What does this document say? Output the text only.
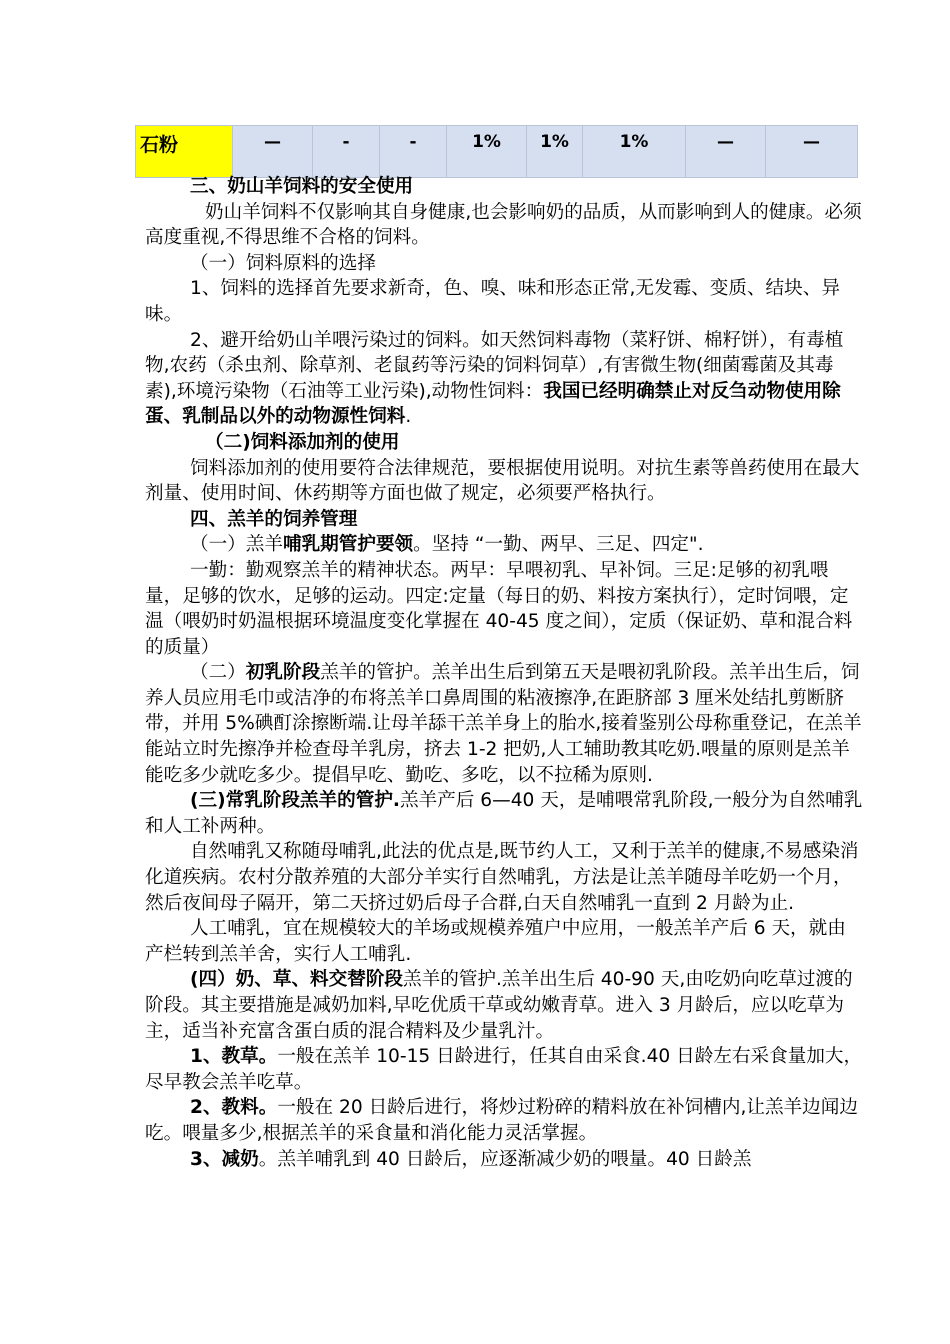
石粉	—	-	-	1%	1%	1%	—	—

三、奶山羊饲料的安全使用

奶山羊饲料不仅影响其自身健康,也会影响奶的品质，从而影响到人的健康。必须高度重视,不得思维不合格的饲料。

（一）饲料原料的选择

1、饲料的选择首先要求新奇，色、嗅、味和形态正常,无发霉、变质、结块、异味。

2、避开给奶山羊喂污染过的饲料。如天然饲料毒物（菜籽饼、棉籽饼），有毒植物,农药（杀虫剂、除草剂、老鼠药等污染的饲料饲草）,有害微生物(细菌霉菌及其毒素),环境污染物（石油等工业污染),动物性饲料：我国已经明确禁止对反刍动物使用除蛋、乳制品以外的动物源性饲料.

（二)饲料添加剂的使用

饲料添加剂的使用要符合法律规范，要根据使用说明。对抗生素等兽药使用在最大剂量、使用时间、休药期等方面也做了规定，必须要严格执行。

四、羔羊的饲养管理

（一）羔羊哺乳期管护要领。坚持 “一勤、两早、三足、四定".

一勤：勤观察羔羊的精神状态。两早：早喂初乳、早补饲。三足:足够的初乳喂量，足够的饮水，足够的运动。四定:定量（每日的奶、料按方案执行），定时饲喂，定温（喂奶时奶温根据环境温度变化掌握在 40-45 度之间），定质（保证奶、草和混合料的质量）

（二）初乳阶段羔羊的管护。羔羊出生后到第五天是喂初乳阶段。羔羊出生后，饲养人员应用毛巾或洁净的布将羔羊口鼻周围的粘液擦净,在距脐部 3 厘米处结扎剪断脐带，并用 5%碘酊涂擦断端.让母羊舔干羔羊身上的胎水,接着鉴别公母称重登记，在羔羊能站立时先擦净并检查母羊乳房，挤去 1-2 把奶,人工辅助教其吃奶.喂量的原则是羔羊能吃多少就吃多少。提倡早吃、勤吃、多吃，以不拉稀为原则.

(三)常乳阶段羔羊的管护.羔羊产后 6—40 天，是哺喂常乳阶段,一般分为自然哺乳和人工补两种。

自然哺乳又称随母哺乳,此法的优点是,既节约人工，又利于羔羊的健康,不易感染消化道疾病。农村分散养殖的大部分羊实行自然哺乳，方法是让羔羊随母羊吃奶一个月，然后夜间母子隔开，第二天挤过奶后母子合群,白天自然哺乳一直到 2 月龄为止.

人工哺乳，宜在规模较大的羊场或规模养殖户中应用，一般羔羊产后 6 天，就由产栏转到羔羊舍，实行人工哺乳.

(四）奶、草、料交替阶段羔羊的管护.羔羊出生后 40-90 天,由吃奶向吃草过渡的阶段。其主要措施是减奶加料,早吃优质干草或幼嫩青草。进入 3 月龄后，应以吃草为主，适当补充富含蛋白质的混合精料及少量乳汁。

1、教草。一般在羔羊 10-15 日龄进行，任其自由采食.40 日龄左右采食量加大，尽早教会羔羊吃草。

2、教料。一般在 20 日龄后进行，将炒过粉碎的精料放在补饲槽内,让羔羊边闻边吃。喂量多少,根据羔羊的采食量和消化能力灵活掌握。

3、减奶。羔羊哺乳到 40 日龄后，应逐渐减少奶的喂量。40 日龄羔
